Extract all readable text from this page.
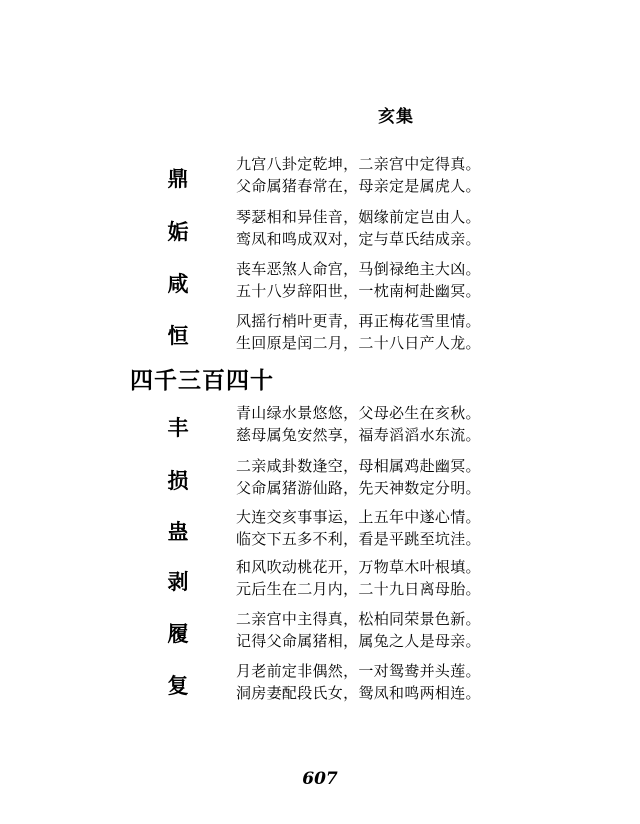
亥集
鼎
九宫八卦定乾坤，二亲宫中定得真。
父命属猪春常在，母亲定是属虎人。
姤
琴瑟相和异佳音，姻缘前定岂由人。
鸾凤和鸣成双对，定与草氏结成亲。
咸
丧车恶煞人命宫，马倒禄绝主大凶。
五十八岁辞阳世，一枕南柯赴幽冥。
恒
风摇行梢叶更青，再正梅花雪里情。
生回原是闰二月，二十八日产人龙。
四千三百四十
丰
青山绿水景悠悠，父母必生在亥秋。
慈母属兔安然享，福寿滔滔水东流。
损
二亲咸卦数逢空，母相属鸡赴幽冥。
父命属猪游仙路，先天神数定分明。
蛊
大连交亥事事运，上五年中遂心情。
临交下五多不利，看是平跳至坑洼。
剥
和风吹动桃花开，万物草木叶根填。
元后生在二月内，二十九日离母胎。
履
二亲宫中主得真，松柏同荣景色新。
记得父命属猪相，属兔之人是母亲。
复
月老前定非偶然，一对鸳鸯并头莲。
洞房妻配段氏女，鸳凤和鸣两相连。
607
